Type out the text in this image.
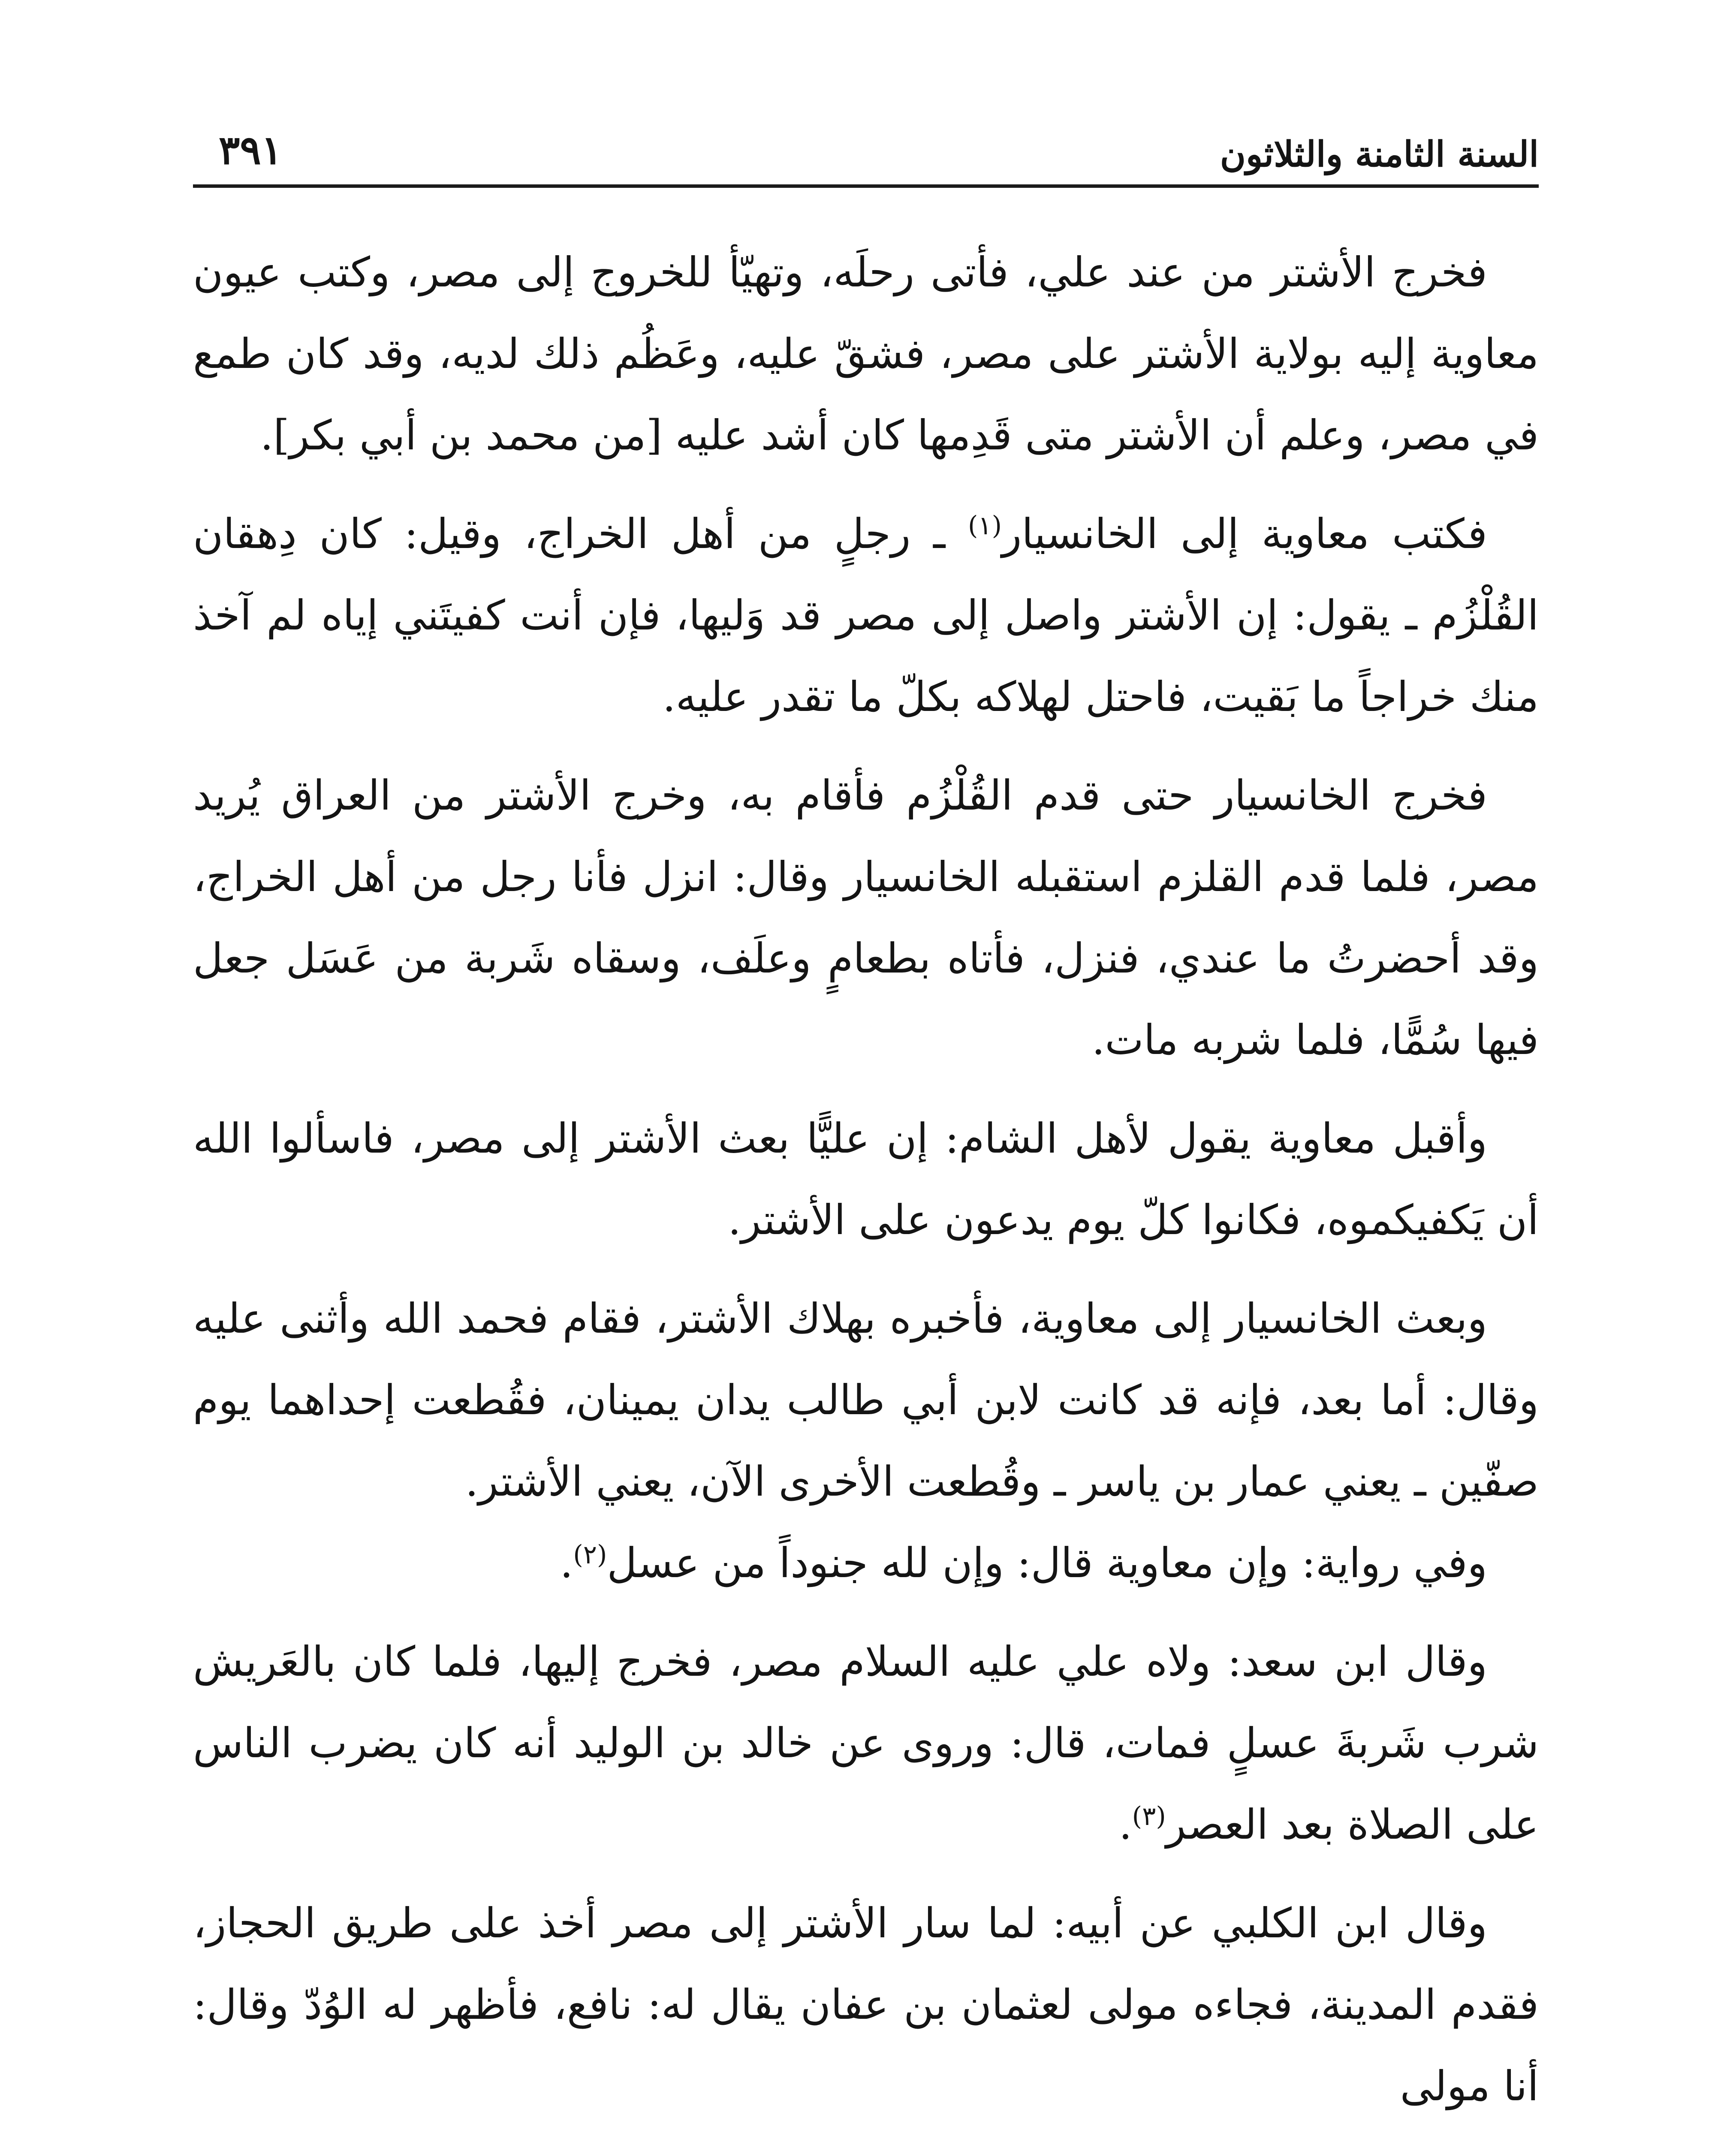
السنة الثامنة والثلاثون
٣٩١

فخرج الأشتر من عند علي، فأتى رحلَه، وتهيّأ للخروج إلى مصر، وكتب عيون معاوية إليه بولاية الأشتر على مصر، فشقّ عليه، وعَظُم ذلك لديه، وقد كان طمع في مصر، وعلم أن الأشتر متى قَدِمها كان أشد عليه [من محمد بن أبي بكر].

فكتب معاوية إلى الخانسيار$^{(١)}$ ـ رجلٍ من أهل الخراج، وقيل: كان دِهقان القُلْزُم ـ يقول: إن الأشتر واصل إلى مصر قد وَليها، فإن أنت كفيتَني إياه لم آخذ منك خراجاً ما بَقيت، فاحتل لهلاكه بكلّ ما تقدر عليه.

فخرج الخانسيار حتى قدم القُلْزُم فأقام به، وخرج الأشتر من العراق يُريد مصر، فلما قدم القلزم استقبله الخانسيار وقال: انزل فأنا رجل من أهل الخراج، وقد أحضرتُ ما عندي، فنزل، فأتاه بطعامٍ وعلَف، وسقاه شَربة من عَسَل جعل فيها سُمًّا، فلما شربه مات.

وأقبل معاوية يقول لأهل الشام: إن عليًّا بعث الأشتر إلى مصر، فاسألوا الله أن يَكفيكموه، فكانوا كلّ يوم يدعون على الأشتر.

وبعث الخانسيار إلى معاوية، فأخبره بهلاك الأشتر، فقام فحمد الله وأثنى عليه وقال: أما بعد، فإنه قد كانت لابن أبي طالب يدان يمينان، فقُطعت إحداهما يوم صفّين ـ يعني عمار بن ياسر ـ وقُطعت الأخرى الآن، يعني الأشتر.

وفي رواية: وإن معاوية قال: وإن لله جنوداً من عسل$^{(٢)}$.

وقال ابن سعد: ولاه علي عليه السلام مصر، فخرج إليها، فلما كان بالعَريش شرب شَربةَ عسلٍ فمات، قال: وروى عن خالد بن الوليد أنه كان يضرب الناس على الصلاة بعد العصر$^{(٣)}$.

وقال ابن الكلبي عن أبيه: لما سار الأشتر إلى مصر أخذ على طريق الحجاز، فقدم المدينة، فجاءه مولى لعثمان بن عفان يقال له: نافع، فأظهر له الوُدّ وقال: أنا مولى
